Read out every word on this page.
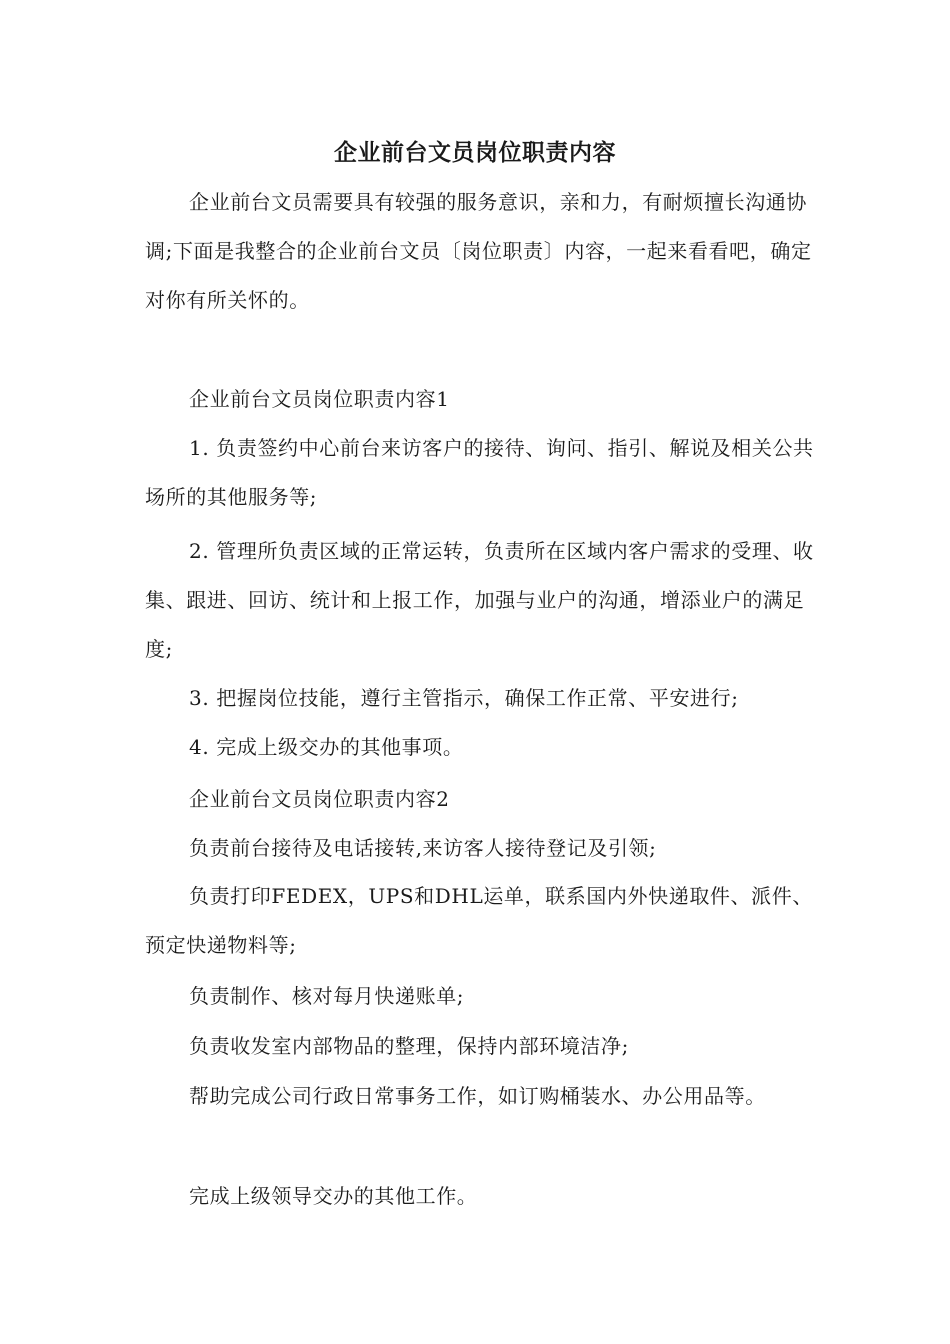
企业前台文员岗位职责内容

企业前台文员需要具有较强的服务意识，亲和力，有耐烦擅长沟通协调;下面是我整合的企业前台文员〔岗位职责〕内容，一起来看看吧，确定对你有所关怀的。

企业前台文员岗位职责内容1

1. 负责签约中心前台来访客户的接待、询问、指引、解说及相关公共场所的其他服务等;

2. 管理所负责区域的正常运转，负责所在区域内客户需求的受理、收集、跟进、回访、统计和上报工作，加强与业户的沟通，增添业户的满足度;

3. 把握岗位技能，遵行主管指示，确保工作正常、平安进行;

4. 完成上级交办的其他事项。

企业前台文员岗位职责内容2

负责前台接待及电话接转,来访客人接待登记及引领;

负责打印FEDEX，UPS和DHL运单，联系国内外快递取件、派件、预定快递物料等;

负责制作、核对每月快递账单;

负责收发室内部物品的整理，保持内部环境洁净;

帮助完成公司行政日常事务工作，如订购桶装水、办公用品等。

完成上级领导交办的其他工作。
